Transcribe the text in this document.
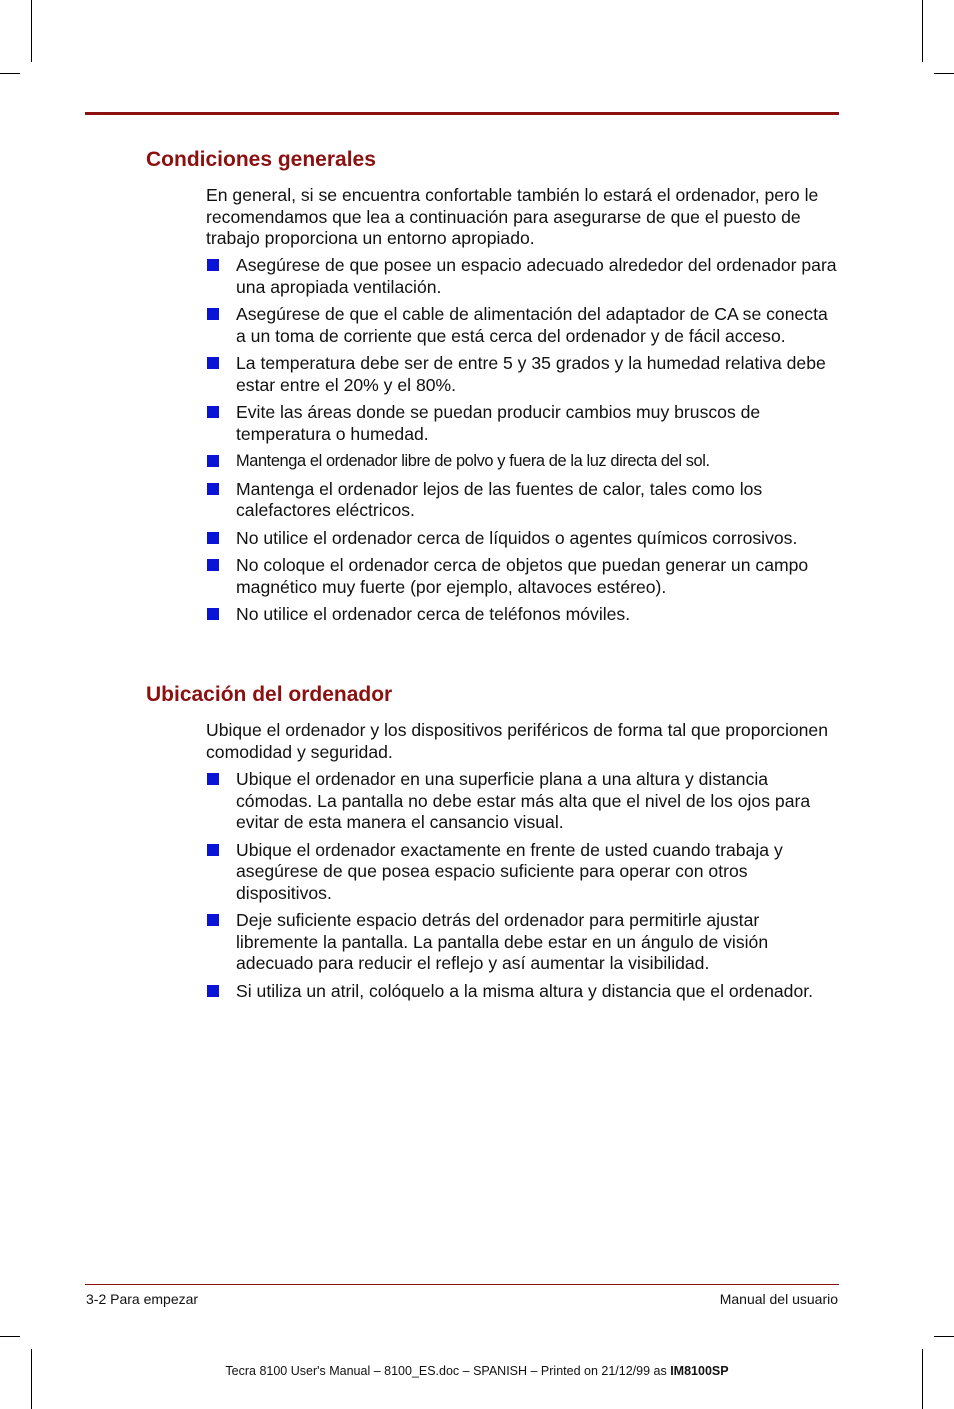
Condiciones generales

En general, si se encuentra confortable también lo estará el ordenador, pero le recomendamos que lea a continuación para asegurarse de que el puesto de trabajo proporciona un entorno apropiado.

Asegúrese de que posee un espacio adecuado alrededor del ordenador para una apropiada ventilación.
Asegúrese de que el cable de alimentación del adaptador de CA se conecta a un toma de corriente que está cerca del ordenador y de fácil acceso.
La temperatura debe ser de entre 5 y 35 grados y la humedad relativa debe estar entre el 20% y el 80%.
Evite las áreas donde se puedan producir cambios muy bruscos de temperatura o humedad.
Mantenga el ordenador libre de polvo y fuera de la luz directa del sol.
Mantenga el ordenador lejos de las fuentes de calor, tales como los calefactores eléctricos.
No utilice el ordenador cerca de líquidos o agentes químicos corrosivos.
No coloque el ordenador cerca de objetos que puedan generar un campo magnético muy fuerte (por ejemplo, altavoces estéreo).
No utilice el ordenador cerca de teléfonos móviles.
Ubicación del ordenador

Ubique el ordenador y los dispositivos periféricos de forma tal que proporcionen comodidad y seguridad.

Ubique el ordenador en una superficie plana a una altura y distancia cómodas. La pantalla no debe estar más alta que el nivel de los ojos para evitar de esta manera el cansancio visual.
Ubique el ordenador exactamente en frente de usted cuando trabaja y asegúrese de que posea espacio suficiente para operar con otros dispositivos.
Deje suficiente espacio detrás del ordenador para permitirle ajustar libremente la pantalla. La pantalla debe estar en un ángulo de visión adecuado para reducir el reflejo y así aumentar la visibilidad.
Si utiliza un atril, colóquelo a la misma altura y distancia que el ordenador.
3-2 Para empezar	Manual del usuario
Tecra 8100 User's Manual – 8100_ES.doc – SPANISH – Printed on 21/12/99 as IM8100SP
